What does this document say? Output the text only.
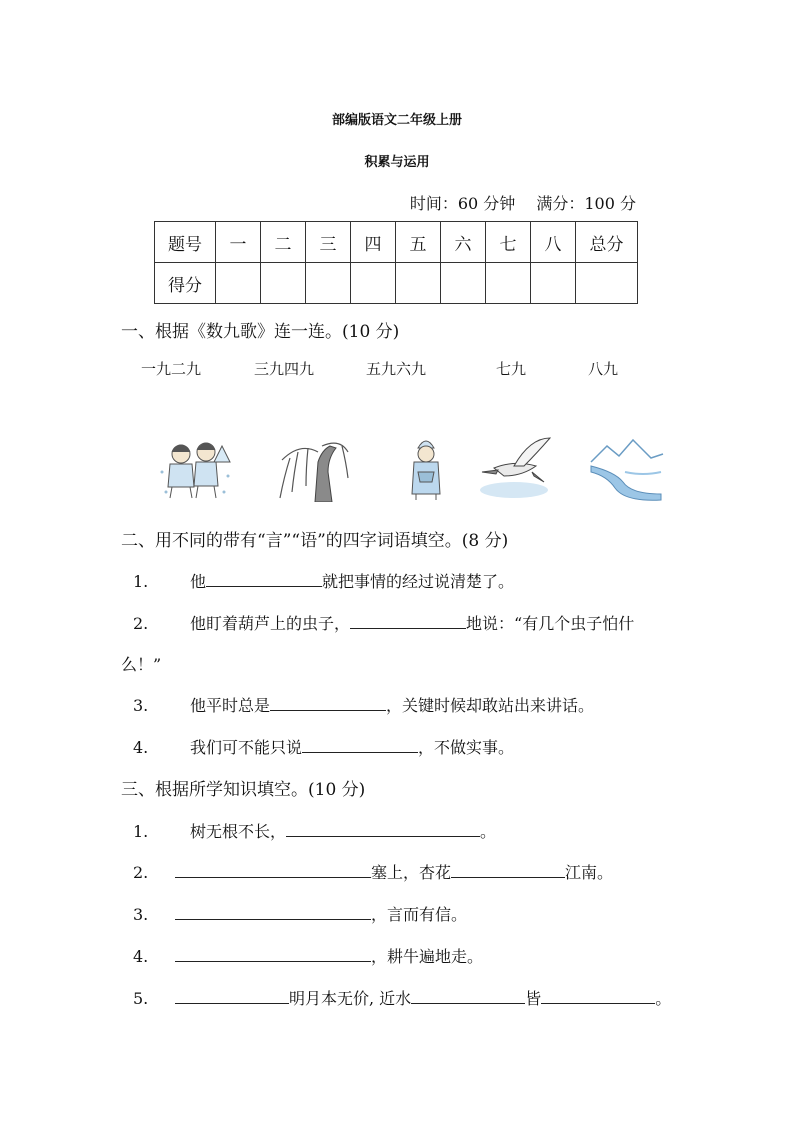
部编版语文二年级上册
积累与运用
时间：60 分钟 满分：100 分
题号	一	二	三	四	五	六	七	八	总分
得分									
一、根据《数九歌》连一连。(10 分)
一九二九	三九四九	五九六九	七九	八九
二、用不同的带有“言”“语”的四字词语填空。(8 分)
1.	他	就把事情的经过说清楚了。
2.	他盯着葫芦上的虫子，	地说：“有几个虫子怕什
么！”
3.	他平时总是	，关键时候却敢站出来讲话。
4.	我们可不能只说	，不做实事。
三、根据所学知识填空。(10 分)
1.	树无根不长，	。
2.	塞上，杏花	江南。
3.	，言而有信。
4.	，耕牛遍地走。
5.	明月本无价, 近水	皆	。
